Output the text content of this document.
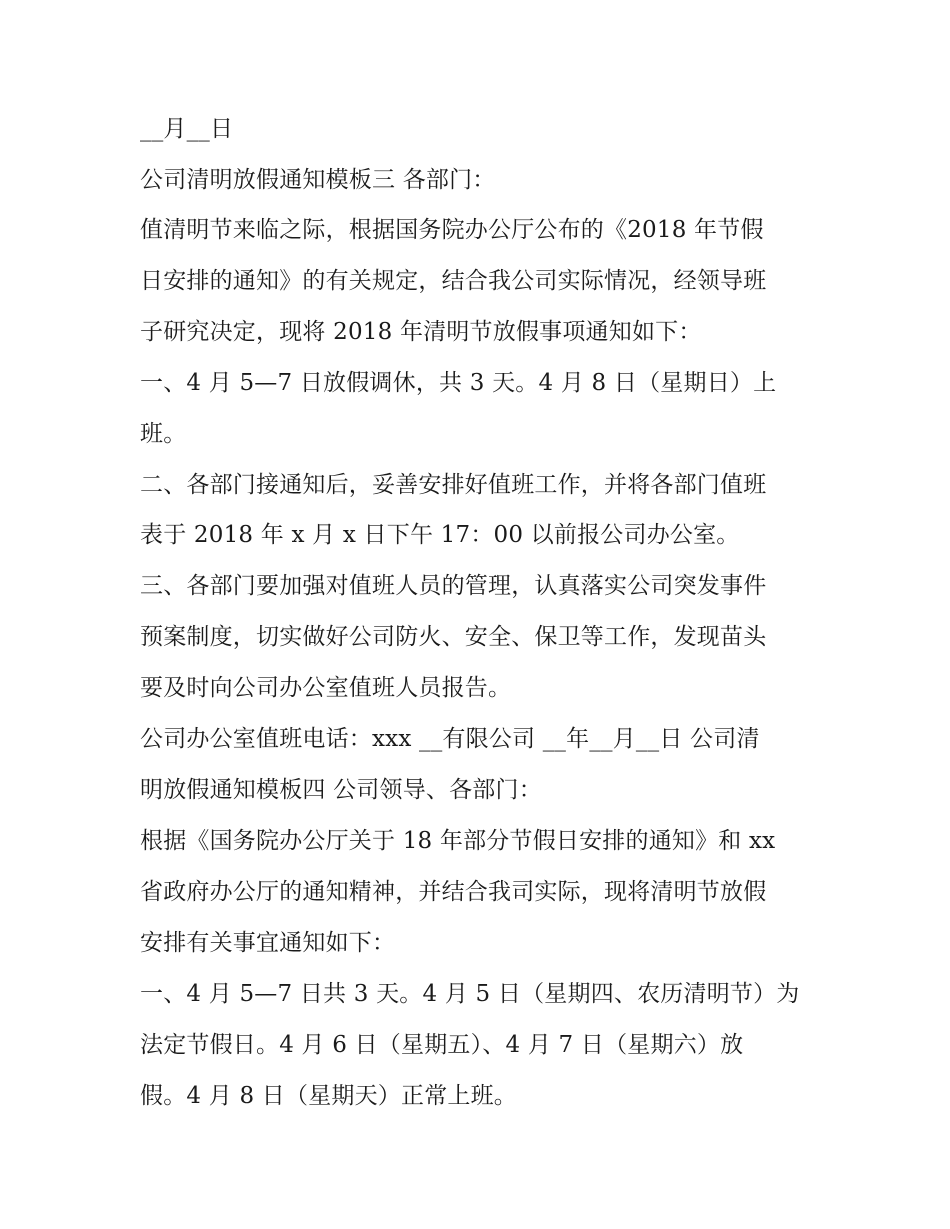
__月__日
公司清明放假通知模板三 各部门：
值清明节来临之际，根据国务院办公厅公布的《2018 年节假
日安排的通知》的有关规定，结合我公司实际情况，经领导班
子研究决定，现将 2018 年清明节放假事项通知如下：
一、4 月 5—7 日放假调休，共 3 天。4 月 8 日（星期日）上
班。
二、各部门接通知后，妥善安排好值班工作，并将各部门值班
表于 2018 年 x 月 x 日下午 17：00 以前报公司办公室。
三、各部门要加强对值班人员的管理，认真落实公司突发事件
预案制度，切实做好公司防火、安全、保卫等工作，发现苗头
要及时向公司办公室值班人员报告。
公司办公室值班电话：xxx __有限公司 __年__月__日 公司清
明放假通知模板四 公司领导、各部门：
根据《国务院办公厅关于 18 年部分节假日安排的通知》和 xx
省政府办公厅的通知精神，并结合我司实际，现将清明节放假
安排有关事宜通知如下：
一、4 月 5—7 日共 3 天。4 月 5 日（星期四、农历清明节）为
法定节假日。4 月 6 日（星期五）、4 月 7 日（星期六）放
假。4 月 8 日（星期天）正常上班。
